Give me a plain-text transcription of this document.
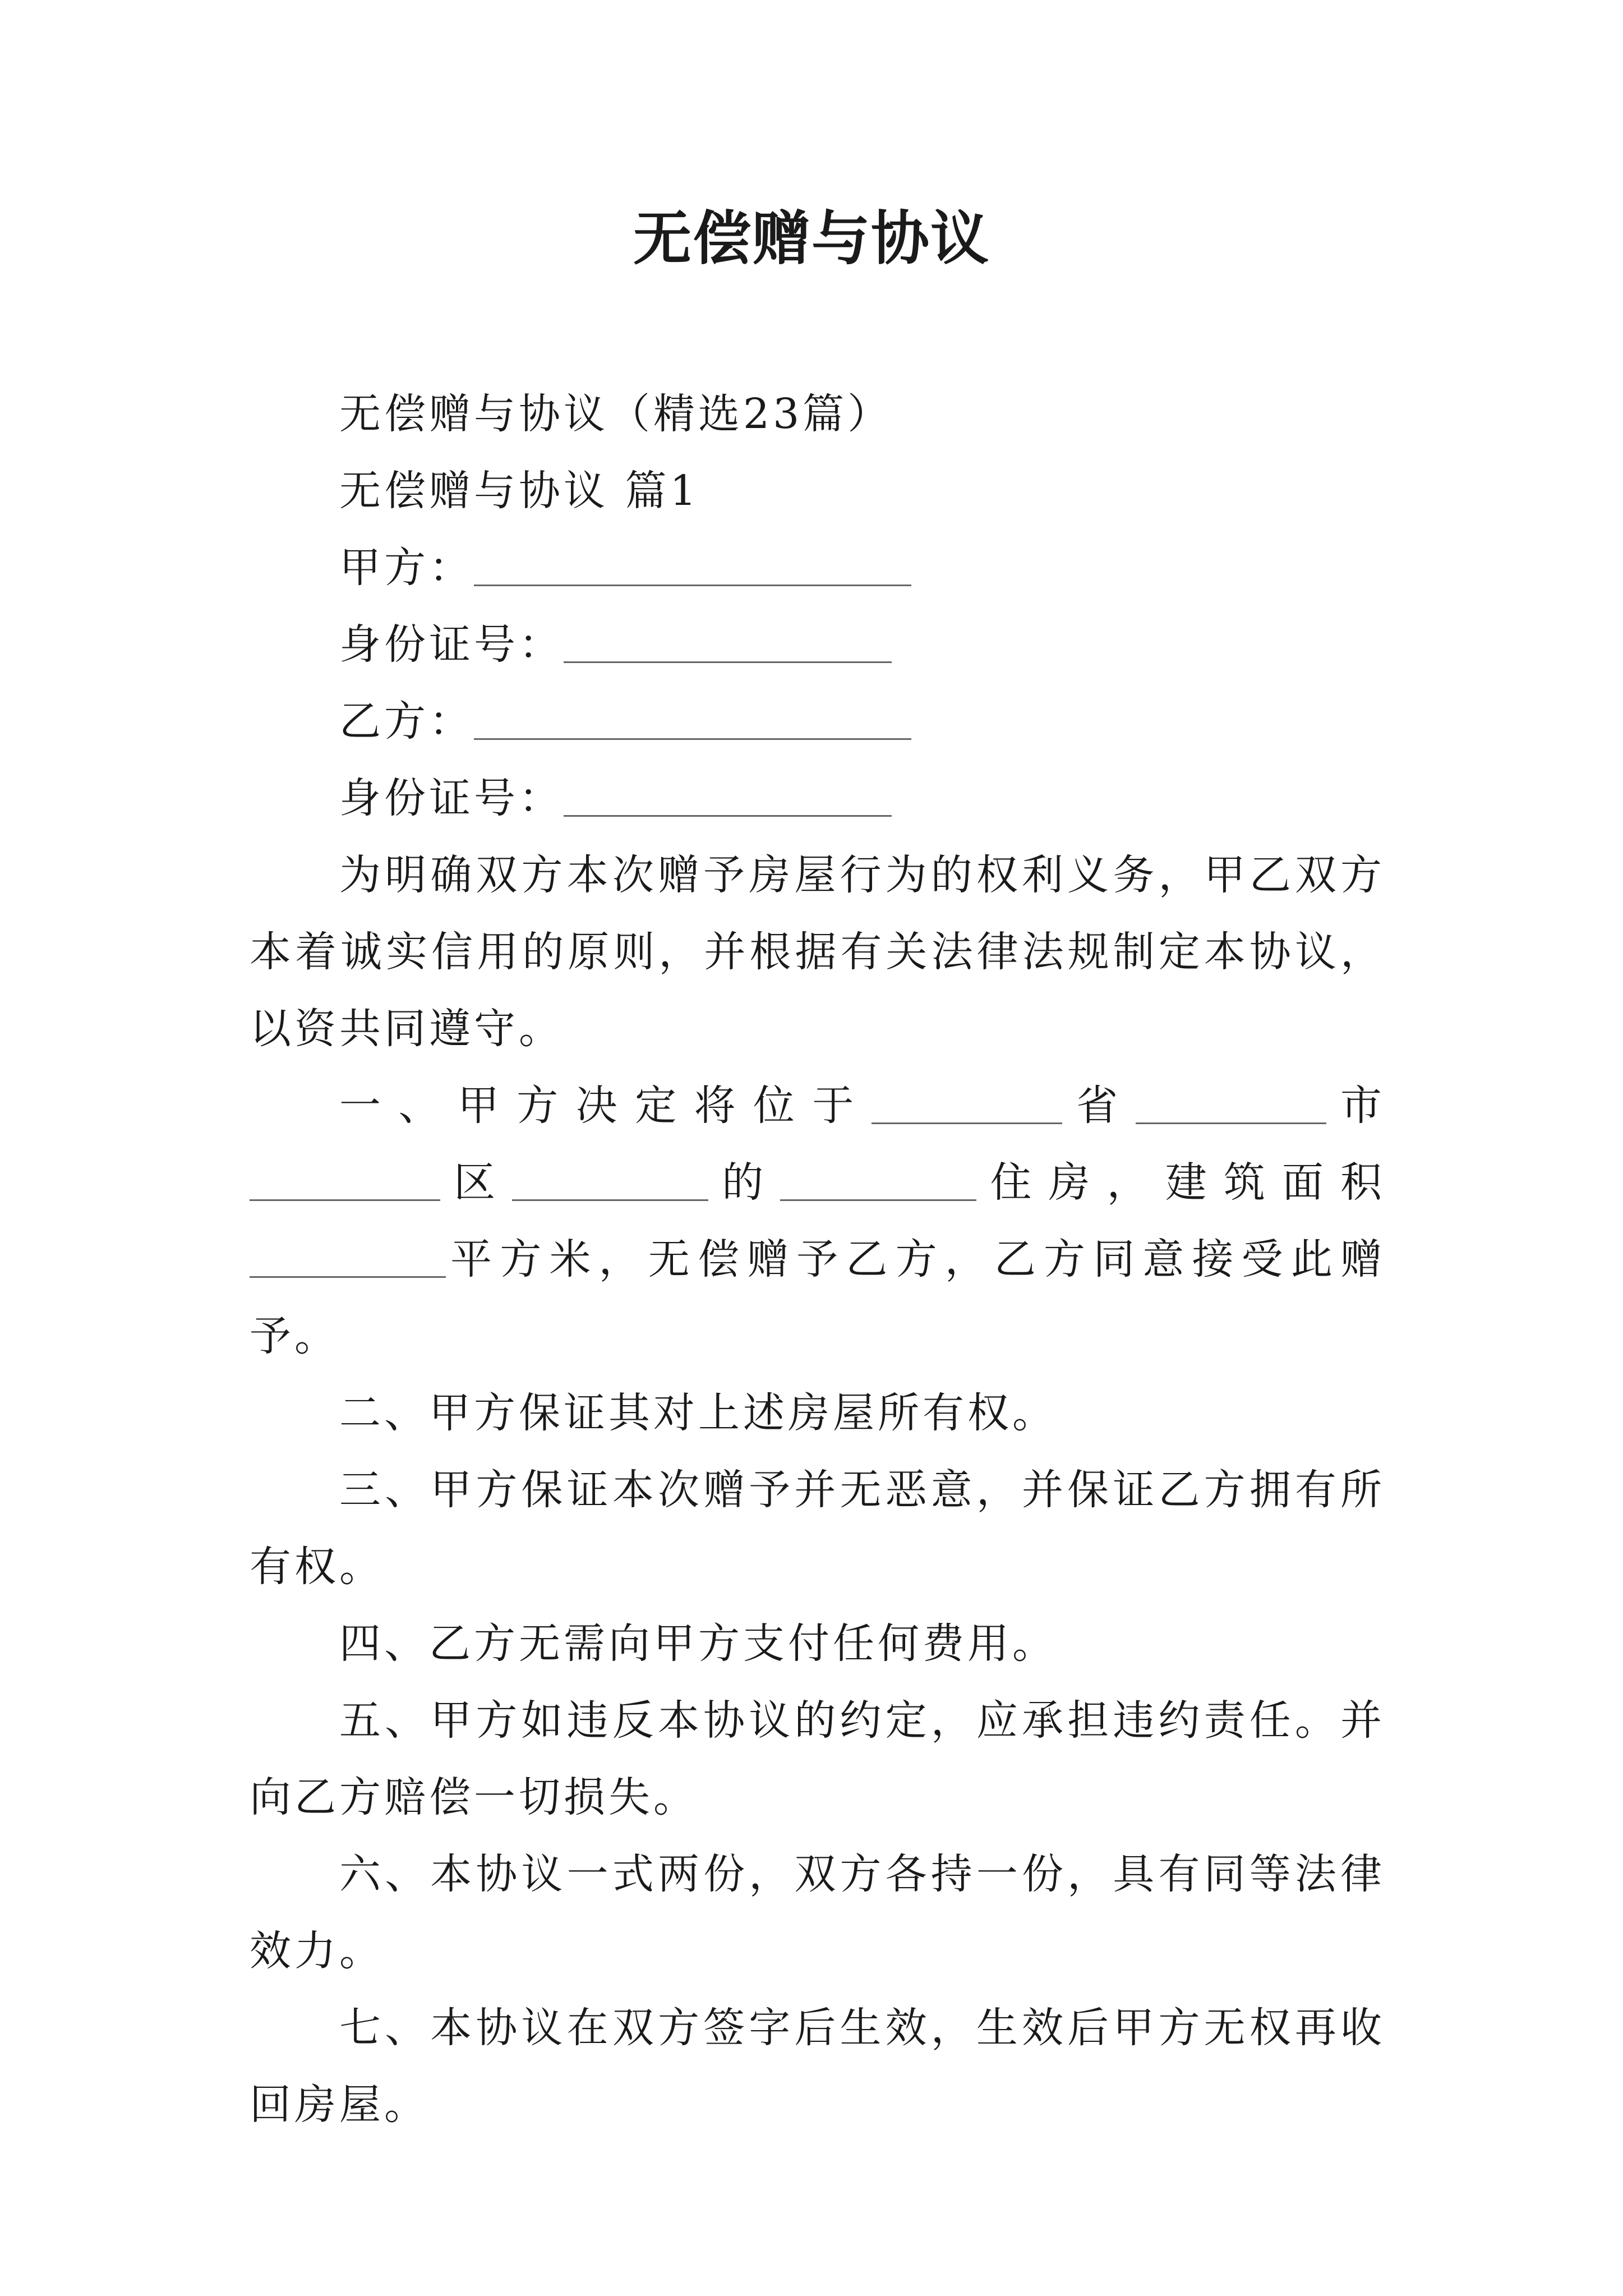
无偿赠与协议
无偿赠与协议（精选23篇）
无偿赠与协议 篇1
甲方：
身份证号：
乙方：
身份证号：
为明确双方本次赠予房屋行为的权利义务，甲乙双方本着诚实信用的原则，并根据有关法律法规制定本协议，以资共同遵守。
一、甲方决定将位于	省	市区	的	住房，建筑面积平方米，无偿赠予乙方，乙方同意接受此赠予。
二、甲方保证其对上述房屋所有权。
三、甲方保证本次赠予并无恶意，并保证乙方拥有所有权。
四、乙方无需向甲方支付任何费用。
五、甲方如违反本协议的约定，应承担违约责任。并向乙方赔偿一切损失。
六、本协议一式两份，双方各持一份，具有同等法律效力。
七、本协议在双方签字后生效，生效后甲方无权再收回房屋。
